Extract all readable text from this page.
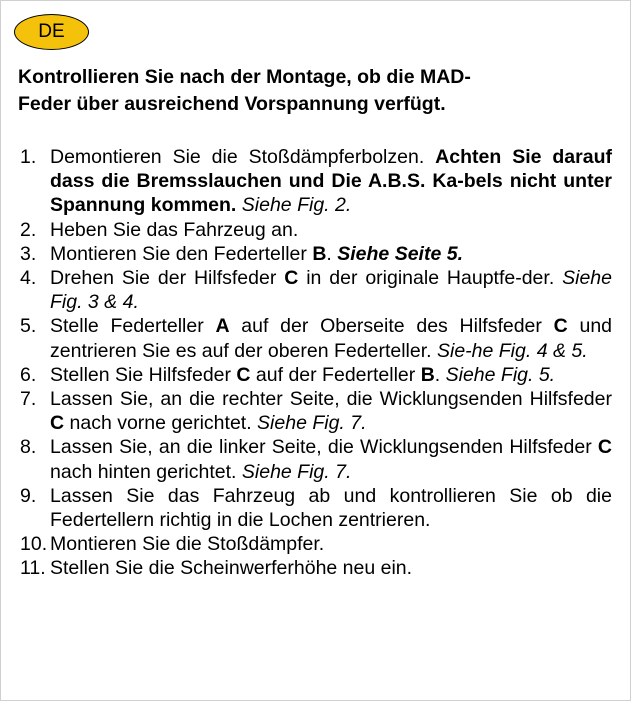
DE
Kontrollieren Sie nach der Montage, ob die MAD-
Feder über ausreichend Vorspannung verfügt.
1. Demontieren Sie die Stoßdämpferbolzen. Achten Sie darauf dass die Bremsslauchen und Die A.B.S. Ka-bels nicht unter Spannung kommen. Siehe Fig. 2.
2. Heben Sie das Fahrzeug an.
3. Montieren Sie den Federteller B. Siehe Seite 5.
4. Drehen Sie der Hilfsfeder C in der originale Hauptfe-der. Siehe Fig. 3 & 4.
5. Stelle Federteller A auf der Oberseite des Hilfsfeder C und zentrieren Sie es auf der oberen Federteller. Sie-he Fig. 4 & 5.
6. Stellen Sie Hilfsfeder C auf der Federteller B. Siehe Fig. 5.
7. Lassen Sie, an die rechter Seite, die Wicklungsenden Hilfsfeder C nach vorne gerichtet. Siehe Fig. 7.
8. Lassen Sie, an die linker Seite, die Wicklungsenden Hilfsfeder C nach hinten gerichtet. Siehe Fig. 7.
9. Lassen Sie das Fahrzeug ab und kontrollieren Sie ob die Federtellern richtig in die Lochen zentrieren.
10. Montieren Sie die Stoßdämpfer.
11. Stellen Sie die Scheinwerferhöhe neu ein.
